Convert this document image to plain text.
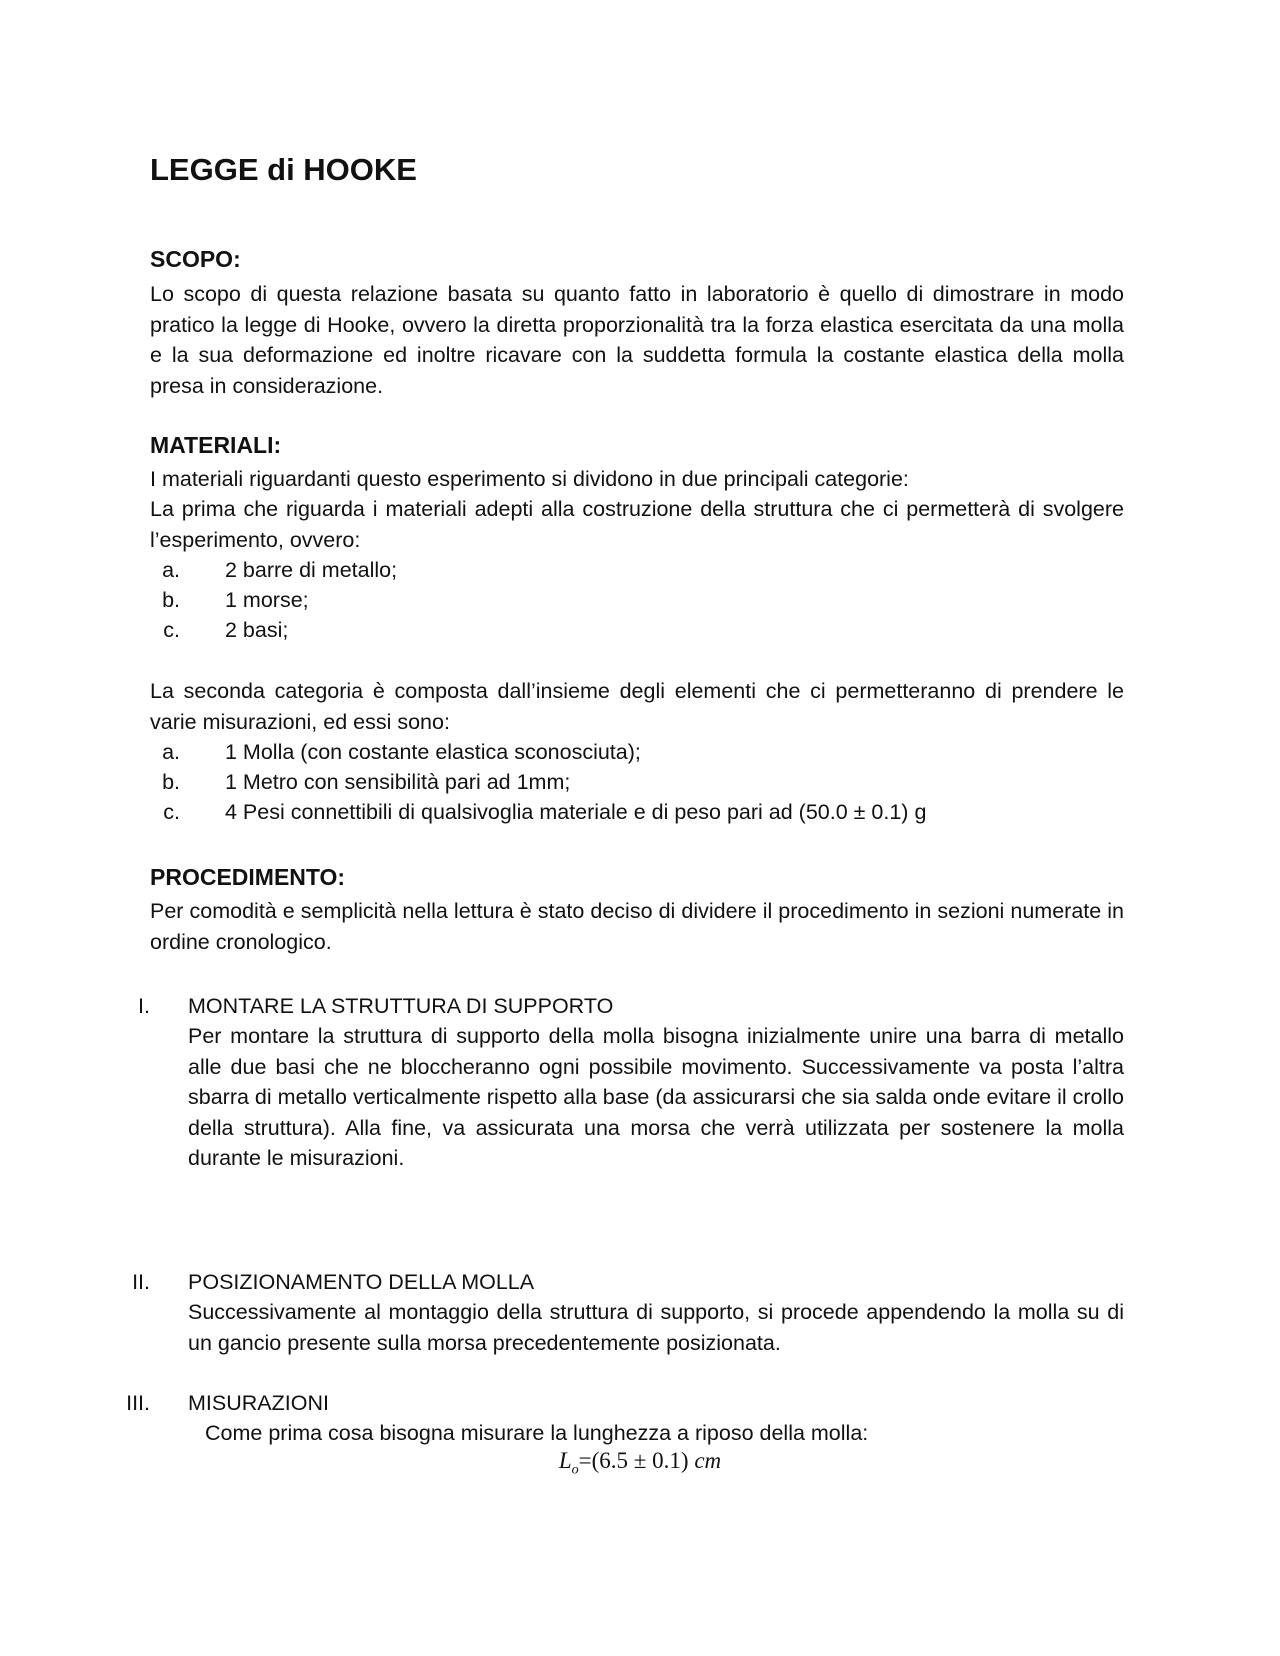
LEGGE di HOOKE
SCOPO:
Lo scopo di questa relazione basata su quanto fatto in laboratorio è quello di dimostrare in modo pratico la legge di Hooke, ovvero la diretta proporzionalità tra la forza elastica esercitata da una molla e la sua deformazione ed inoltre ricavare con la suddetta formula la costante elastica della molla presa in considerazione.
MATERIALI:
I materiali riguardanti questo esperimento si dividono in due principali categorie:
La prima che riguarda i materiali adepti alla costruzione della struttura che ci permetterà di svolgere l’esperimento, ovvero:
a. 2 barre di metallo;
b. 1 morse;
c. 2 basi;
La seconda categoria è composta dall’insieme degli elementi che ci permetteranno di prendere le varie misurazioni, ed essi sono:
a. 1 Molla (con costante elastica sconosciuta);
b. 1 Metro con sensibilità pari ad 1mm;
c. 4 Pesi connettibili di qualsivoglia materiale e di peso pari ad (50.0 ± 0.1) g
PROCEDIMENTO:
Per comodità e semplicità nella lettura è stato deciso di dividere il procedimento in sezioni numerate in ordine cronologico.
I. MONTARE LA STRUTTURA DI SUPPORTO
Per montare la struttura di supporto della molla bisogna inizialmente unire una barra di metallo alle due basi che ne bloccheranno ogni possibile movimento. Successivamente va posta l’altra sbarra di metallo verticalmente rispetto alla base (da assicurarsi che sia salda onde evitare il crollo della struttura). Alla fine, va assicurata una morsa che verrà utilizzata per sostenere la molla durante le misurazioni.
II. POSIZIONAMENTO DELLA MOLLA
Successivamente al montaggio della struttura di supporto, si procede appendendo la molla su di un gancio presente sulla morsa precedentemente posizionata.
III. MISURAZIONI
Come prima cosa bisogna misurare la lunghezza a riposo della molla:
$L_o=(6.5 \pm 0.1)$ cm
